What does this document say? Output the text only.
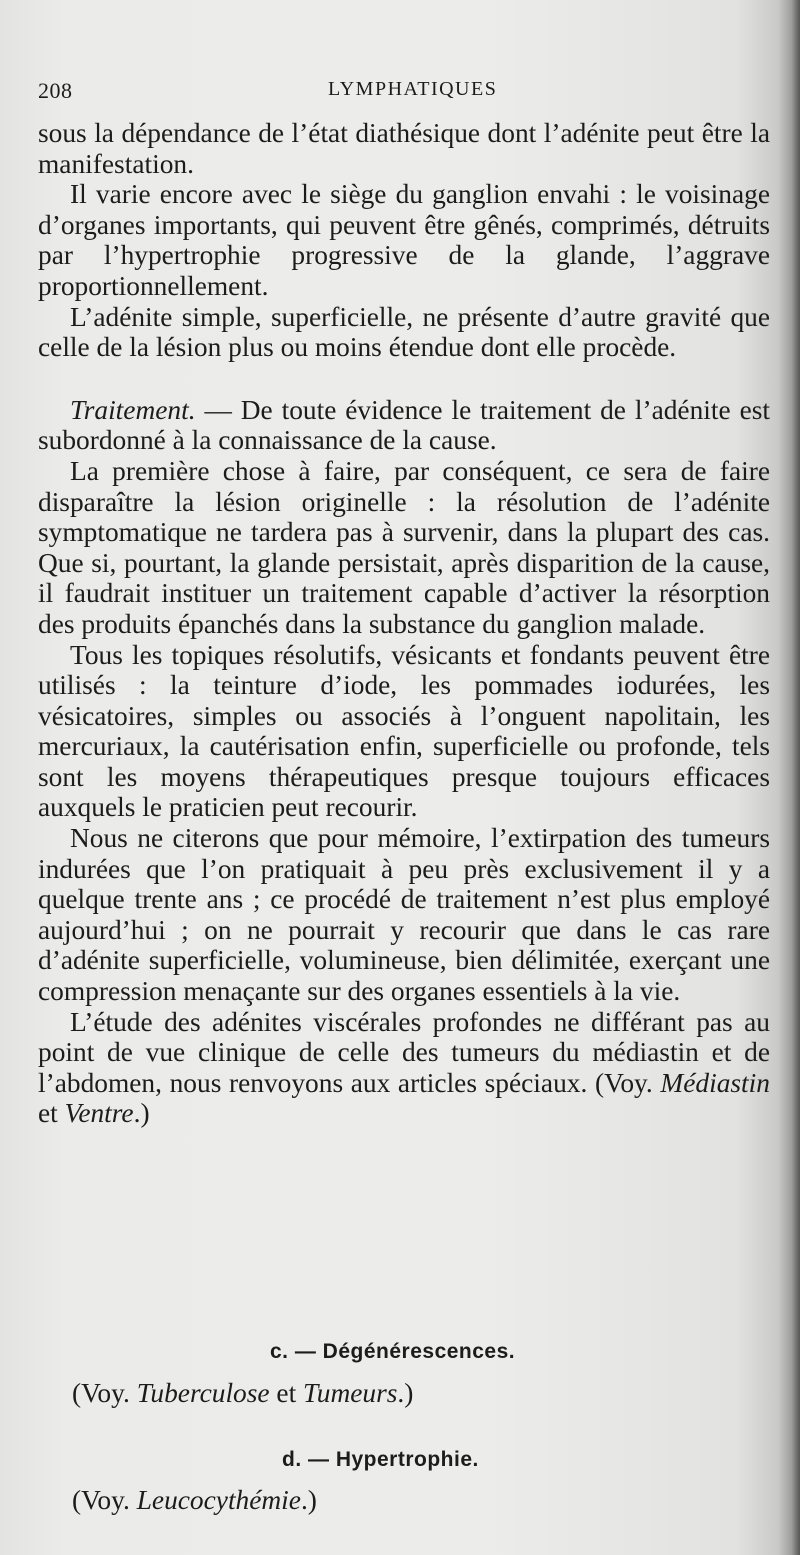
208	LYMPHATIQUES

sous la dépendance de l’état diathésique dont l’adénite peut être la manifestation.

Il varie encore avec le siège du ganglion envahi : le voisinage d’organes importants, qui peuvent être gênés, comprimés, détruits par l’hypertrophie progressive de la glande, l’aggrave proportionnellement.

L’adénite simple, superficielle, ne présente d’autre gravité que celle de la lésion plus ou moins étendue dont elle procède.

Traitement. — De toute évidence le traitement de l’adénite est subordonné à la connaissance de la cause.

La première chose à faire, par conséquent, ce sera de faire disparaître la lésion originelle : la résolution de l’adénite symptomatique ne tardera pas à survenir, dans la plupart des cas. Que si, pourtant, la glande persistait, après disparition de la cause, il faudrait instituer un traitement capable d’activer la résorption des produits épanchés dans la substance du ganglion malade.

Tous les topiques résolutifs, vésicants et fondants peuvent être utilisés : la teinture d’iode, les pommades iodurées, les vésicatoires, simples ou associés à l’onguent napolitain, les mercuriaux, la cautérisation enfin, superficielle ou profonde, tels sont les moyens thérapeutiques presque toujours efficaces auxquels le praticien peut recourir.

Nous ne citerons que pour mémoire, l’extirpation des tumeurs indurées que l’on pratiquait à peu près exclusivement il y a quelque trente ans ; ce procédé de traitement n’est plus employé aujourd’hui ; on ne pourrait y recourir que dans le cas rare d’adénite superficielle, volumineuse, bien délimitée, exerçant une compression menaçante sur des organes essentiels à la vie.

L’étude des adénites viscérales profondes ne différant pas au point de vue clinique de celle des tumeurs du médiastin et de l’abdomen, nous renvoyons aux articles spéciaux. (Voy. Médiastin et Ventre.)

c. — Dégénérescences.
(Voy. Tuberculose et Tumeurs.)
d. — Hypertrophie.
(Voy. Leucocythémie.)
